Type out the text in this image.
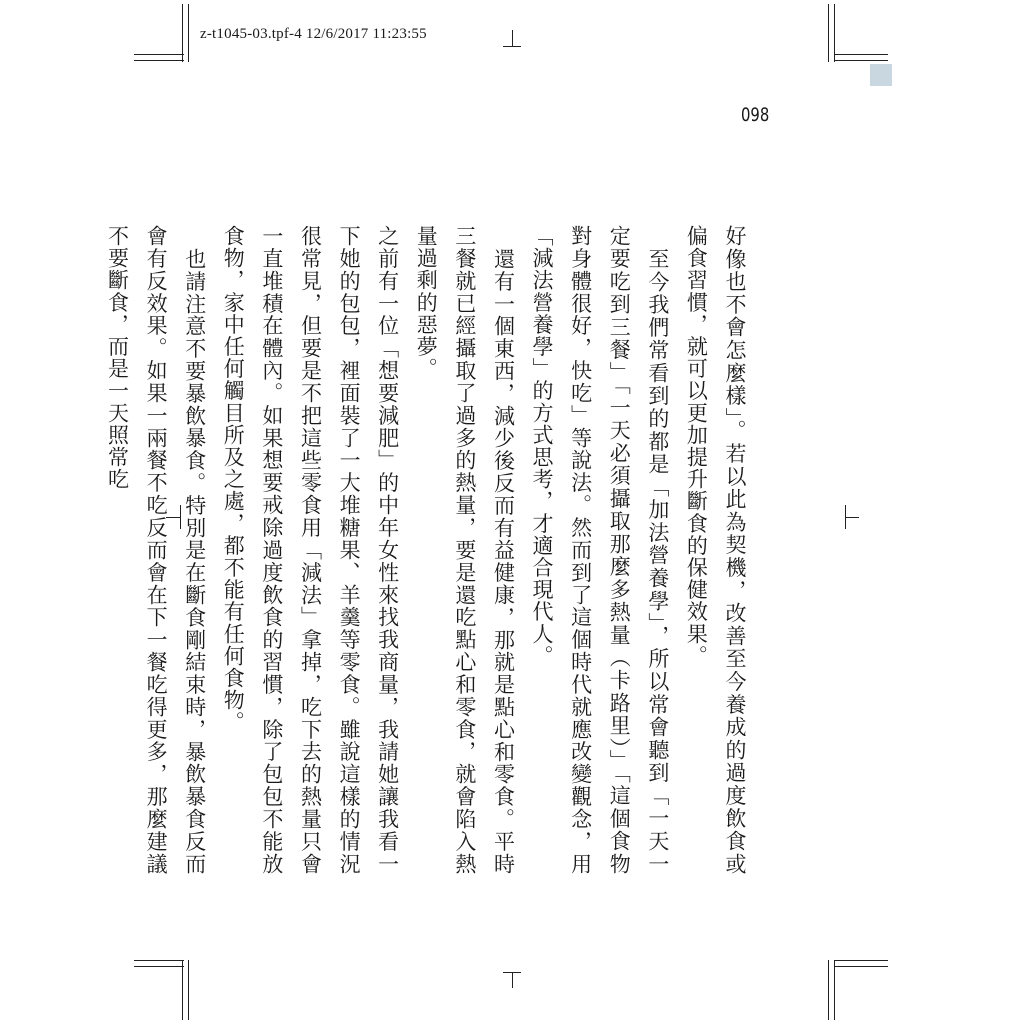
z-t1045-03.tpf-4 12/6/2017 11:23:55
098

好像也不會怎麼樣」。若以此為契機，改善至今養成的過度飲食或偏食習慣，就可以更加提升斷食的保健效果。

至今我們常看到的都是「加法營養學」，所以常會聽到「一天一定要吃到三餐」「一天必須攝取那麼多熱量（卡路里）」「這個食物對身體很好，快吃」等說法。然而到了這個時代就應改變觀念，用「減法營養學」的方式思考，才適合現代人。

還有一個東西，減少後反而有益健康，那就是點心和零食。平時三餐就已經攝取了過多的熱量，要是還吃點心和零食，就會陷入熱量過剩的惡夢。

之前有一位「想要減肥」的中年女性來找我商量，我請她讓我看一下她的包包，裡面裝了一大堆糖果、羊羹等零食。雖說這樣的情況很常見，但要是不把這些零食用「減法」拿掉，吃下去的熱量只會一直堆積在體內。如果想要戒除過度飲食的習慣，除了包包不能放食物，家中任何觸目所及之處，都不能有任何食物。

也請注意不要暴飲暴食。特別是在斷食剛結束時，暴飲暴食反而會有反效果。如果一兩餐不吃反而會在下一餐吃得更多，那麼建議不要斷食，而是一天照常吃
